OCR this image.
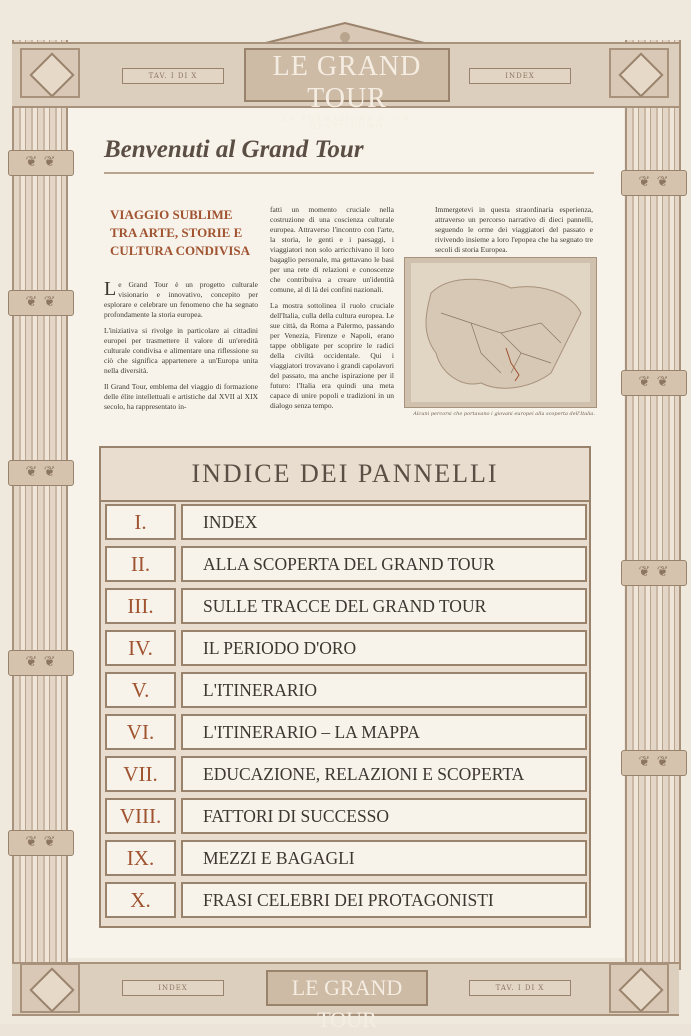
❦ ❦
❦ ❦
❦ ❦
❦ ❦
❦ ❦
❦ ❦
❦ ❦
❦ ❦
❦ ❦
TAV. I DI X	LE GRAND TOUR
LA FORMAZIONE DI UN GENTILUOMO
INDEX
Benvenuti al Grand Tour
VIAGGIO SUBLIME TRA ARTE, STORIE E CULTURA CONDIVISA

Le Grand Tour è un progetto culturale visionario e innovativo, concepito per esplorare e celebrare un fenomeno che ha segnato profondamente la storia europea.

L'iniziativa si rivolge in particolare ai cittadini europei per trasmettere il valore di un'eredità culturale condivisa e alimentare una riflessione su ciò che significa appartenere a un'Europa unita nella diversità.

Il Grand Tour, emblema del viaggio di formazione delle élite intellettuali e artistiche dal XVII al XIX secolo, ha rappresentato in-

fatti un momento cruciale nella costruzione di una coscienza culturale europea. Attraverso l'incontro con l'arte, la storia, le genti e i paesaggi, i viaggiatori non solo arricchivano il loro bagaglio personale, ma gettavano le basi per una rete di relazioni e conoscenze che contribuiva a creare un'identità comune, al di là dei confini nazionali.

La mostra sottolinea il ruolo cruciale dell'Italia, culla della cultura europea. Le sue città, da Roma a Palermo, passando per Venezia, Firenze e Napoli, erano tappe obbligate per scoprire le radici della civiltà occidentale. Qui i viaggiatori trovavano i grandi capolavori del passato, ma anche ispirazione per il futuro: l'Italia era quindi una meta capace di unire popoli e tradizioni in un dialogo senza tempo.

Immergetevi in questa straordinaria esperienza, attraverso un percorso narrativo di dieci pannelli, seguendo le orme dei viaggiatori del passato e rivivendo insieme a loro l'epopea che ha segnato tre secoli di storia Europea.

Alcuni percorsi che portavano i giovani europei alla scoperta dell'Italia.
INDICE DEI PANNELLI
I.	INDEX
II.	ALLA SCOPERTA DEL GRAND TOUR
III.	SULLE TRACCE DEL GRAND TOUR
IV.	IL PERIODO D'ORO
V.	L'ITINERARIO
VI.	L'ITINERARIO – LA MAPPA
VII.	EDUCAZIONE, RELAZIONI E SCOPERTA
VIII.	FATTORI DI SUCCESSO
IX.	MEZZI E BAGAGLI
X.	FRASI CELEBRI DEI PROTAGONISTI
INDEX	LE GRAND TOUR
TAV. I DI X
